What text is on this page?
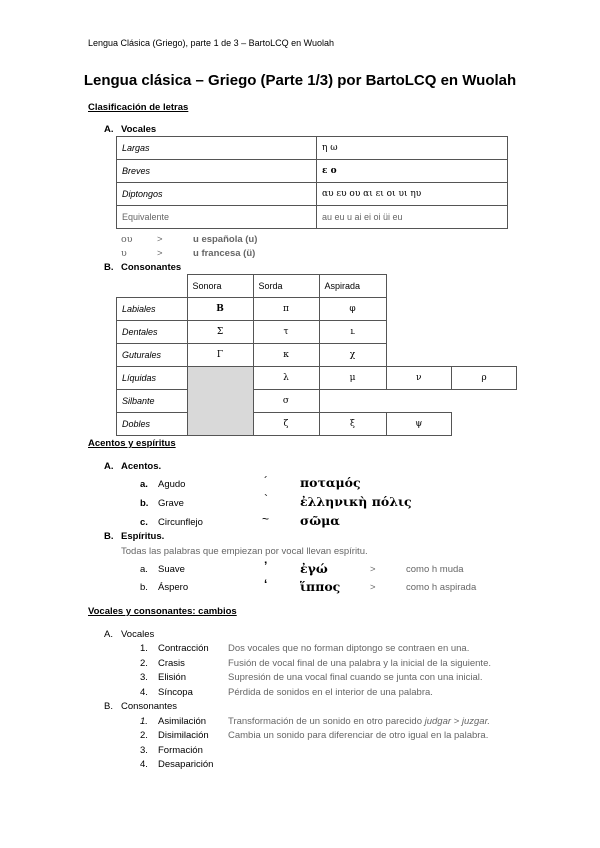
Lengua Clásica (Griego), parte 1 de 3 – BartoLCQ en Wuolah
Lengua clásica – Griego (Parte 1/3) por BartoLCQ en Wuolah
Clasificación de letras
A. Vocales
Largas	η ω
Breves	ε ο
Diptongos	αυ ευ ου αι ει οι υι ηυ
Equivalente	au eu u ai ei oi üi eu
ου	>	u española (u)
υ	>	u francesa (ü)
B. Consonantes
	Sonora	Sorda	Aspirada		
Labiales	Β	π	φ		
Dentales	Σ	τ	ւ		
Guturales	Γ	κ	χ		
Líquidas		λ	μ	ν	ρ
Silbante		σ			
Dobles		ζ	ξ	ψ	
Acentos y espíritus
A. Acentos.
a. Agudo	´	ποταμός
b. Grave	`	ἐλληνικὴ πόλις
c. Circunflejo	~ σῶμα
B. Espíritus.
Todas las palabras que empiezan por vocal llevan espíritu.
a. Suave	’	ἐγώ	>	como h muda
b. Áspero	‘	ἵππος	>	como h aspirada
Vocales y consonantes: cambios
A. Vocales
1. Contracción Dos vocales que no forman diptongo se contraen en una.
2. Crasis	Fusión de vocal final de una palabra y la inicial de la siguiente.
3. Elisión	Supresión de una vocal final cuando se junta con una inicial.
4. Síncopa	Pérdida de sonidos en el interior de una palabra.
B. Consonantes
1. Asimilación Transformación de un sonido en otro parecido judgar > juzgar.
2. Disimilación Cambia un sonido para diferenciar de otro igual en la palabra.
3. Formación
4. Desaparición
